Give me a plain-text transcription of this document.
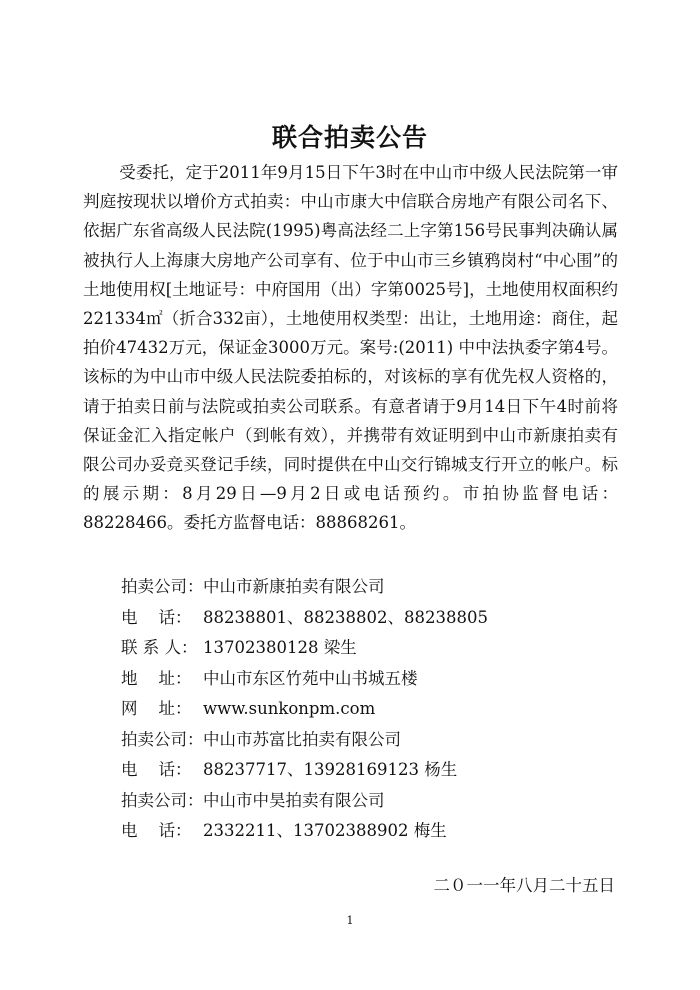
联合拍卖公告

受委托，定于2011年9月15日下午3时在中山市中级人民法院第一审判庭按现状以增价方式拍卖：中山市康大中信联合房地产有限公司名下、依据广东省高级人民法院(1995)粤高法经二上字第156号民事判决确认属被执行人上海康大房地产公司享有、位于中山市三乡镇鸦岗村“中心围”的土地使用权[土地证号：中府国用（出）字第0025号]，土地使用权面积约221334㎡（折合332亩），土地使用权类型：出让，土地用途：商住，起拍价47432万元，保证金3000万元。案号:(2011) 中中法执委字第4号。该标的为中山市中级人民法院委拍标的，对该标的享有优先权人资格的，请于拍卖日前与法院或拍卖公司联系。有意者请于9月14日下午4时前将保证金汇入指定帐户（到帐有效），并携带有效证明到中山市新康拍卖有限公司办妥竞买登记手续，同时提供在中山交行锦城支行开立的帐户。标的展示期：8月29日—9月2日或电话预约。市拍协监督电话：88228466。委托方监督电话：88868261。

拍卖公司： 中山市新康拍卖有限公司
电    话： 88238801、88238802、88238805
联 系 人： 13702380128 梁生
地    址： 中山市东区竹苑中山书城五楼
网    址： www.sunkonpm.com
拍卖公司： 中山市苏富比拍卖有限公司
电    话： 88237717、13928169123 杨生
拍卖公司： 中山市中昊拍卖有限公司
电    话： 2332211、13702388902 梅生

二０一一年八月二十五日

1
